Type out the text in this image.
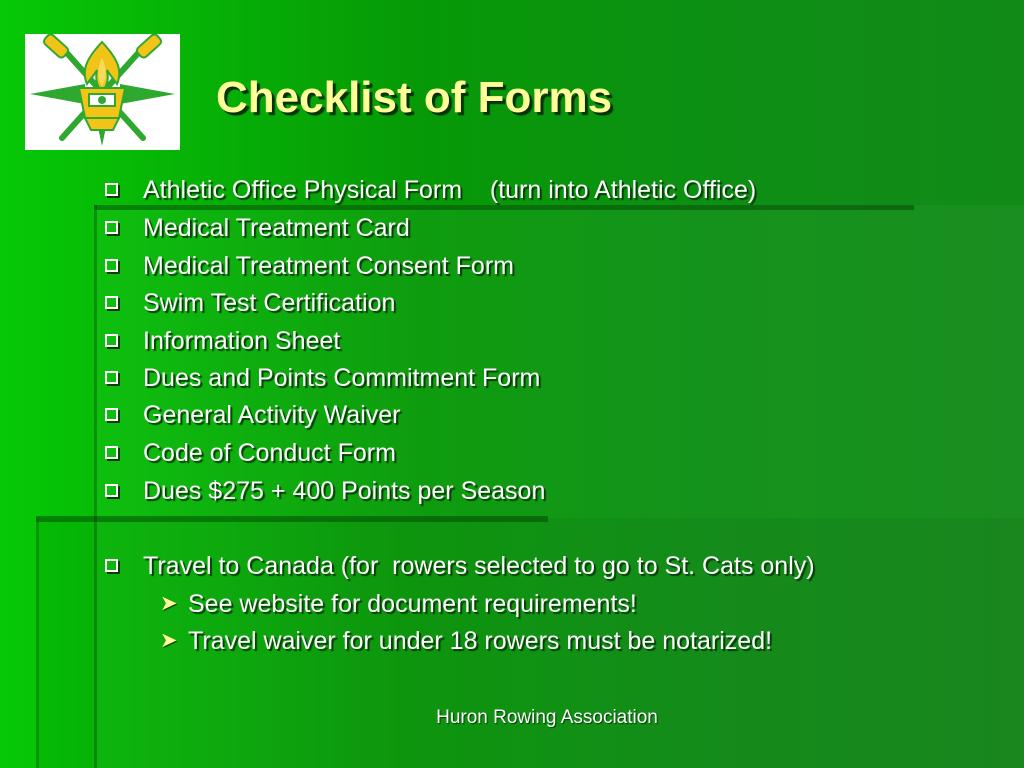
Checklist of Forms
Athletic Office Physical Form    (turn into Athletic Office)
Medical Treatment Card
Medical Treatment Consent Form
Swim Test Certification
Information Sheet
Dues and Points Commitment Form
General Activity Waiver
Code of Conduct Form
Dues $275 + 400 Points per Season
Travel to Canada (for  rowers selected to go to St. Cats only)
➤ See website for document requirements!
➤ Travel waiver for under 18 rowers must be notarized!
Huron Rowing Association
